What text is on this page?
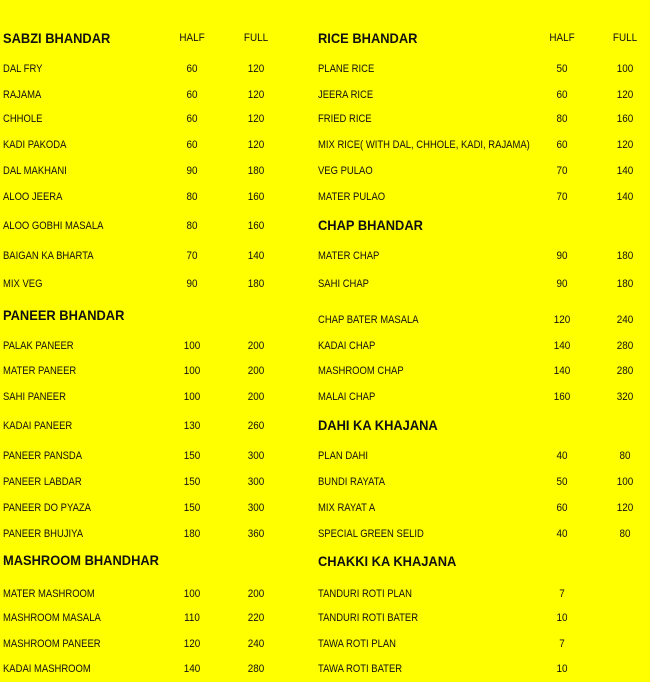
SABZI BHANDAR	HALF	FULL
DAL FRY	60	120
RAJAMA	60	120
CHHOLE	60	120
KADI PAKODA	60	120
DAL MAKHANI	90	180
ALOO JEERA	80	160
ALOO GOBHI MASALA	80	160
BAIGAN KA BHARTA	70	140
MIX VEG	90	180
PANEER BHANDAR
PALAK PANEER	100	200
MATER PANEER	100	200
SAHI PANEER	100	200
KADAI PANEER	130	260
PANEER PANSDA	150	300
PANEER LABDAR	150	300
PANEER DO PYAZA	150	300
PANEER BHUJIYA	180	360
MASHROOM BHANDHAR
MATER MASHROOM	100	200
MASHROOM MASALA	110	220
MASHROOM PANEER	120	240
KADAI MASHROOM	140	280
RICE BHANDAR	HALF	FULL
PLANE RICE	50	100
JEERA RICE	60	120
FRIED RICE	80	160
MIX RICE( WITH DAL, CHHOLE, KADI, RAJAMA)	60	120
VEG PULAO	70	140
MATER PULAO	70	140
CHAP BHANDAR
MATER CHAP	90	180
SAHI CHAP	90	180
CHAP BATER MASALA	120	240
KADAI CHAP	140	280
MASHROOM CHAP	140	280
MALAI CHAP	160	320
DAHI KA KHAJANA
PLAN DAHI	40	80
BUNDI RAYATA	50	100
MIX RAYAT A	60	120
SPECIAL GREEN SELID	40	80
CHAKKI KA KHAJANA
TANDURI ROTI PLAN	7
TANDURI ROTI BATER	10
TAWA ROTI PLAN	7
TAWA ROTI BATER	10
